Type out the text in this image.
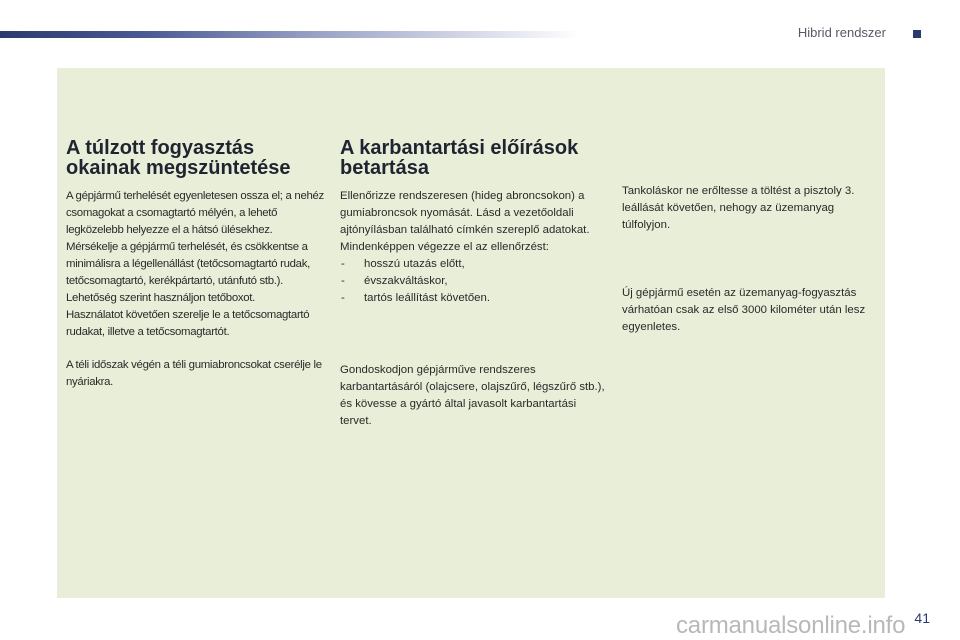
Hibrid rendszer
A túlzott fogyasztás okainak megszüntetése

A gépjármű terhelését egyenletesen ossza el; a nehéz csomagokat a csomagtartó mélyén, a lehető legközelebb helyezze el a hátsó ülésekhez.

Mérsékelje a gépjármű terhelését, és csökkentse a minimálisra a légellenállást (tetőcsomagtartó rudak, tetőcsomagtartó, kerékpártartó, utánfutó stb.). Lehetőség szerint használjon tetőboxot.

Használatot követően szerelje le a tetőcsomagtartó rudakat, illetve a tetőcsomagtartót.

A téli időszak végén a téli gumiabroncsokat cserélje le nyáriakra.

A karbantartási előírások betartása

Ellenőrizze rendszeresen (hideg abroncsokon) a gumiabroncsok nyomását. Lásd a vezetőoldali ajtónyílásban található címkén szereplő adatokat.

Mindenképpen végezze el az ellenőrzést:

- hosszú utazás előtt,
- évszakváltáskor,
- tartós leállítást követően.

Gondoskodjon gépjárműve rendszeres karbantartásáról (olajcsere, olajszűrő, légszűrő stb.), és kövesse a gyártó által javasolt karbantartási tervet.

Tankoláskor ne erőltesse a töltést a pisztoly 3. leállását követően, nehogy az üzemanyag túlfolyjon.

Új gépjármű esetén az üzemanyag-fogyasztás várhatóan csak az első 3000 kilométer után lesz egyenletes.

carmanualsonline.info 41
